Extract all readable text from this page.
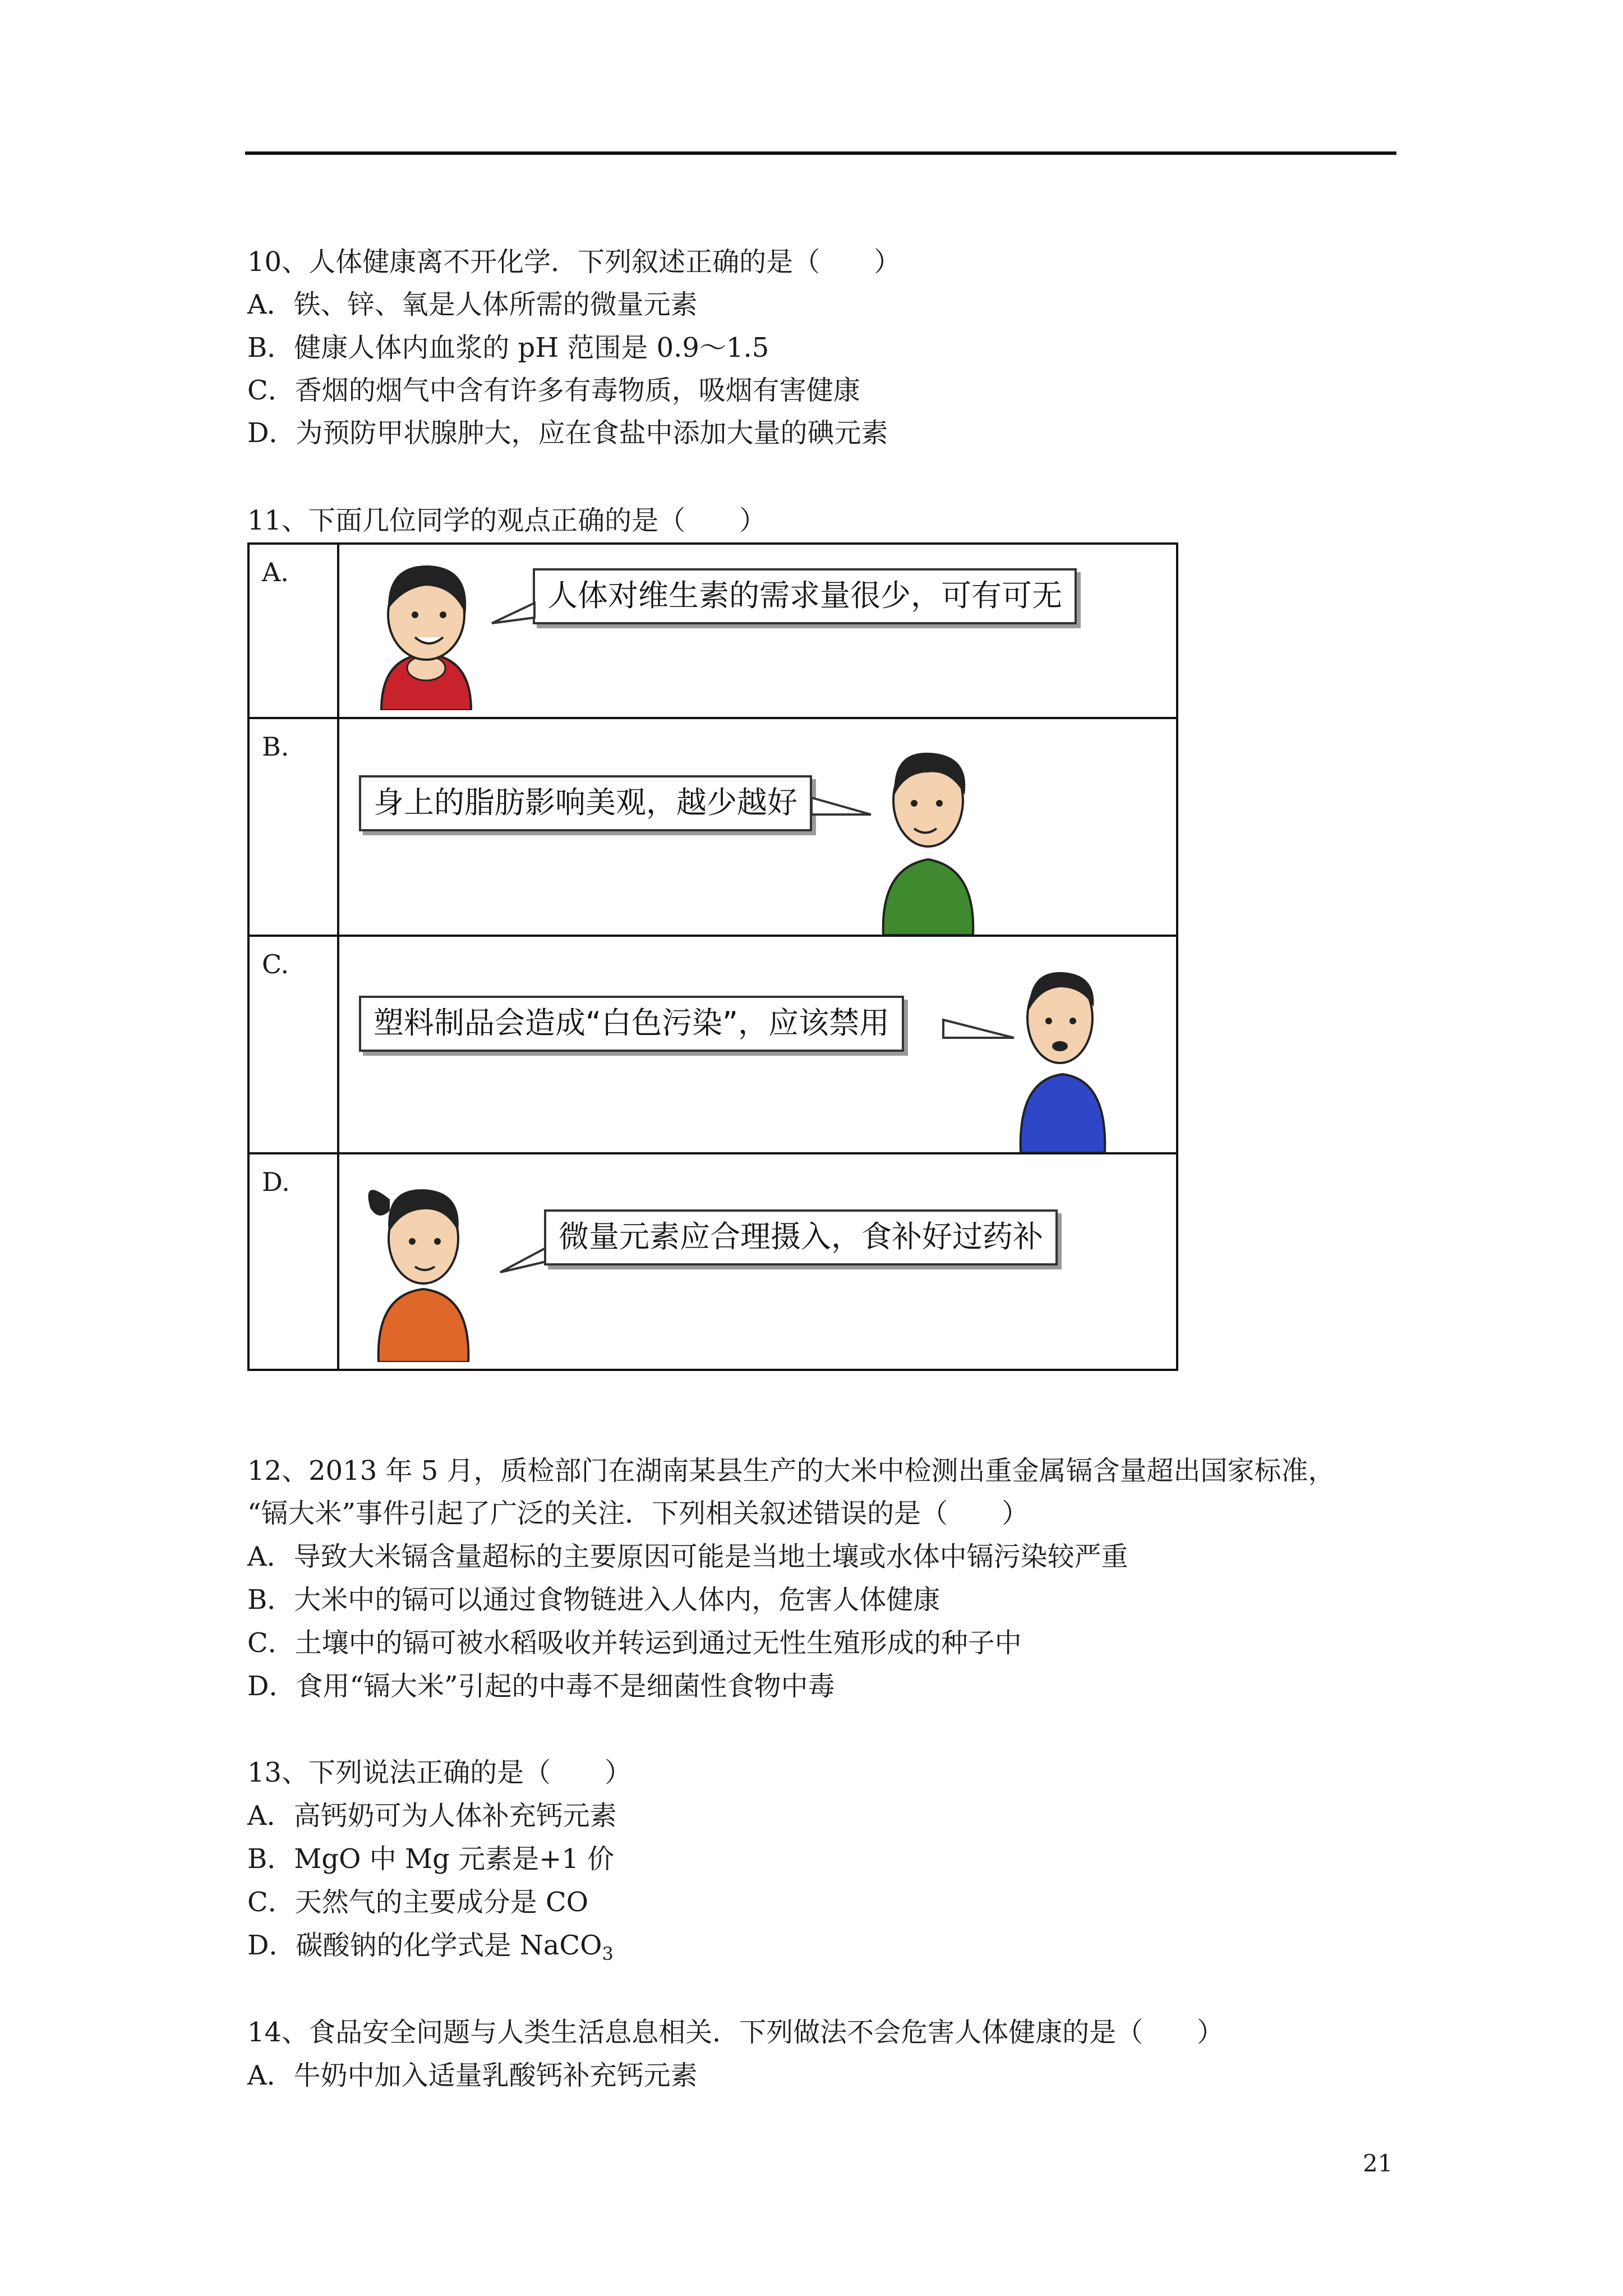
10、人体健康离不开化学．下列叙述正确的是（　　）
A．铁、锌、氧是人体所需的微量元素
B．健康人体内血浆的 pH 范围是 0.9～1.5
C．香烟的烟气中含有许多有毒物质，吸烟有害健康
D．为预防甲状腺肿大，应在食盐中添加大量的碘元素
11、下面几位同学的观点正确的是（　　）
A.	人体对维生素的需求量很少，可有可无

B.	身上的脂肪影响美观，越少越好

C.	塑料制品会造成“白色污染”，应该禁用

D.	微量元素应合理摄入，食补好过药补
12、2013 年 5 月，质检部门在湖南某县生产的大米中检测出重金属镉含量超出国家标准，
“镉大米”事件引起了广泛的关注．下列相关叙述错误的是（　　）
A．导致大米镉含量超标的主要原因可能是当地土壤或水体中镉污染较严重
B．大米中的镉可以通过食物链进入人体内，危害人体健康
C．土壤中的镉可被水稻吸收并转运到通过无性生殖形成的种子中
D．食用“镉大米”引起的中毒不是细菌性食物中毒
13、下列说法正确的是（　　）
A．高钙奶可为人体补充钙元素
B．MgO 中 Mg 元素是+1 价
C．天然气的主要成分是 CO
D．碳酸钠的化学式是 NaCO$_3$
14、食品安全问题与人类生活息息相关．下列做法不会危害人体健康的是（　　）
A．牛奶中加入适量乳酸钙补充钙元素
21
